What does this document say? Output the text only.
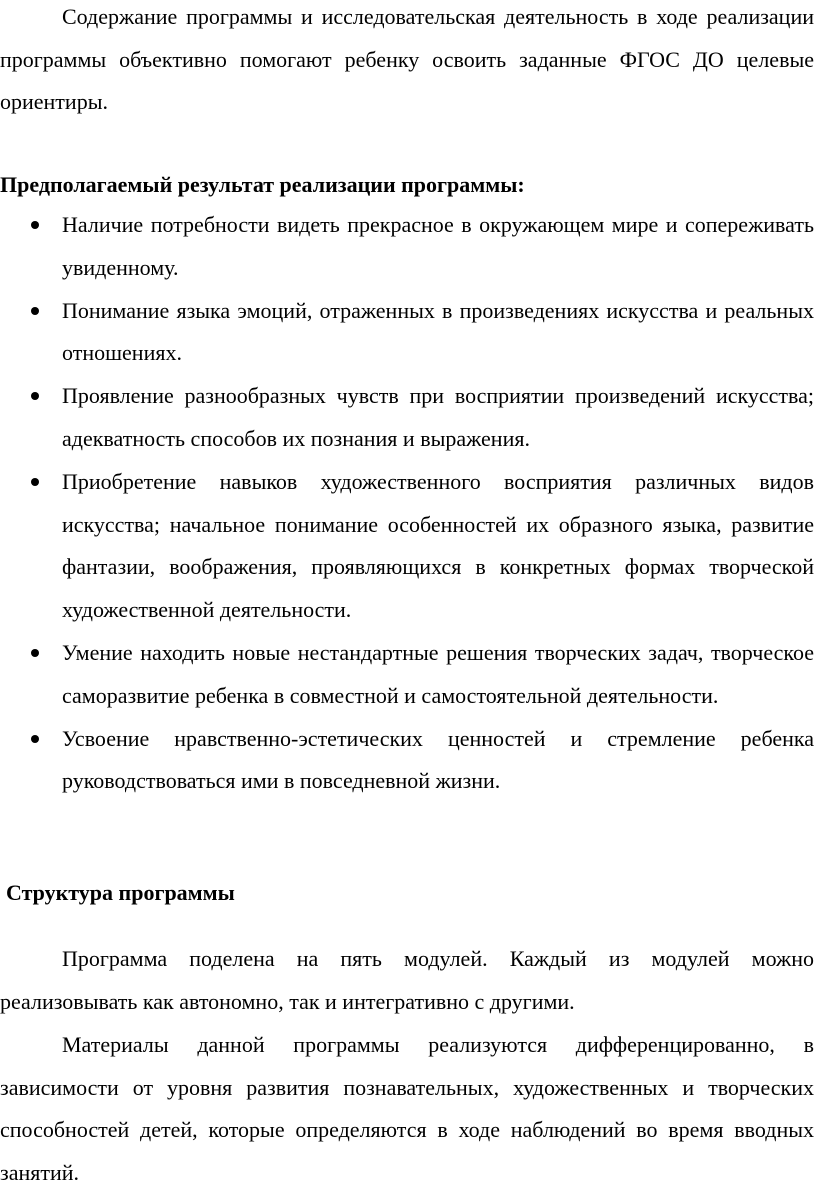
Содержание программы и исследовательская деятельность в ходе реализации программы объективно помогают ребенку освоить заданные ФГОС ДО целевые ориентиры.

Предполагаемый результат реализации программы:
Наличие потребности видеть прекрасное в окружающем мире и сопереживать увиденному.
Понимание языка эмоций, отраженных в произведениях искусства и реальных отношениях.
Проявление разнообразных чувств при восприятии произведений искусства; адекватность способов их познания и выражения.
Приобретение навыков художественного восприятия различных видов искусства; начальное понимание особенностей их образного языка, развитие фантазии, воображения, проявляющихся в конкретных формах творческой художественной деятельности.
Умение находить новые нестандартные решения творческих задач, творческое саморазвитие ребенка в совместной и самостоятельной деятельности.
Усвоение нравственно-эстетических ценностей и стремление ребенка руководствоваться ими в повседневной жизни.
Структура программы

Программа поделена на пять модулей. Каждый из модулей можно реализовывать как автономно, так и интегративно с другими.

Материалы данной программы реализуются дифференцированно, в зависимости от уровня развития познавательных, художественных и творческих способностей детей, которые определяются в ходе наблюдений во время вводных занятий.
